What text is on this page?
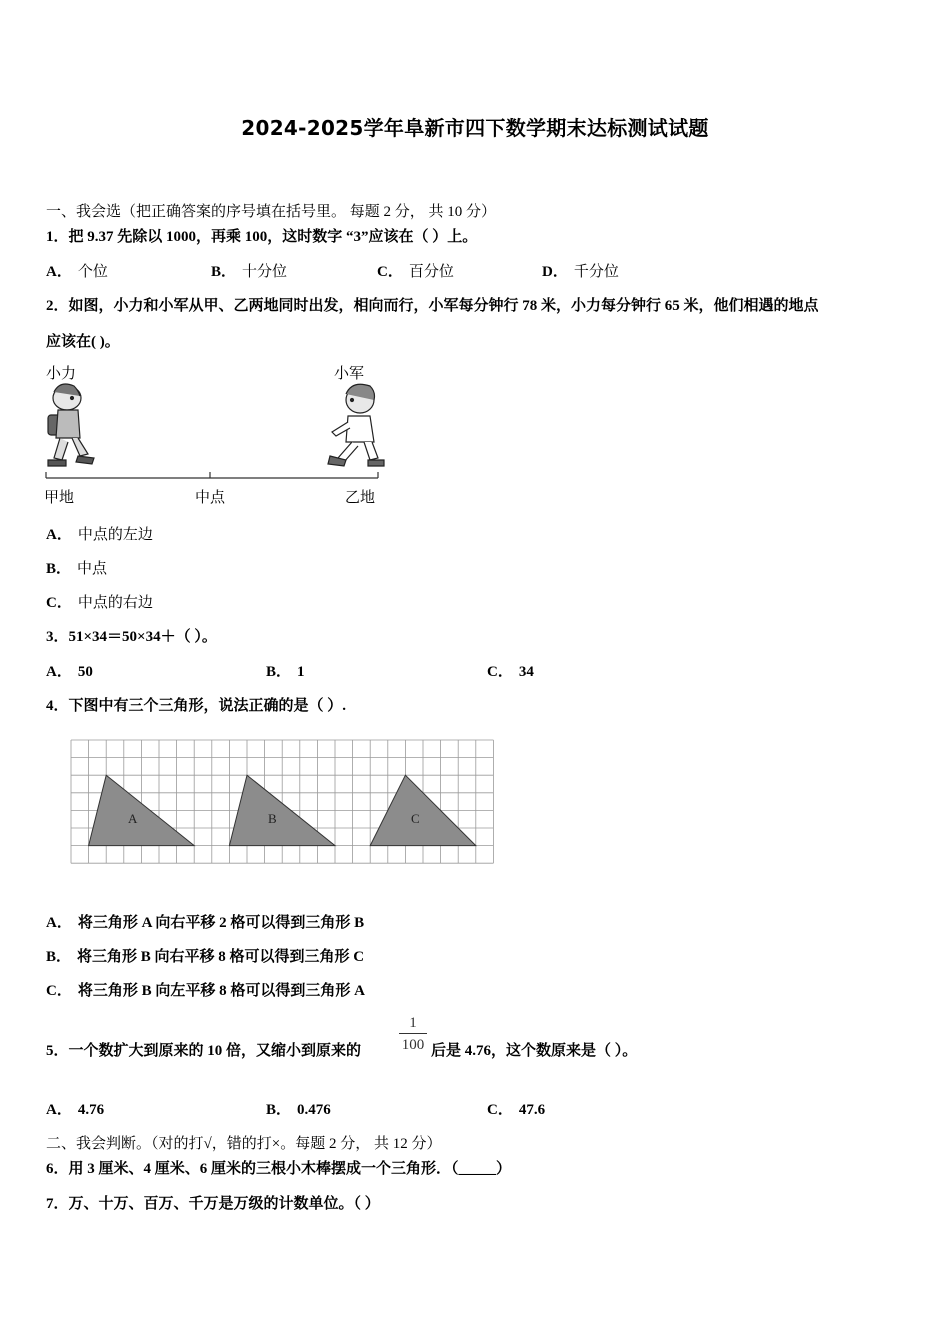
2024-2025学年阜新市四下数学期末达标测试试题
一、我会选（把正确答案的序号填在括号里。 每题 2 分， 共 10 分）
1．把 9.37 先除以 1000，再乘 100，这时数字 “3”应该在（ ）上。
A． 个位	B． 十分位	C． 百分位	D． 千分位
2．如图，小力和小军从甲、乙两地同时出发，相向而行，小军每分钟行 78 米，小力每分钟行 65 米，他们相遇的地点
应该在( )。
小力	小军
甲地	中点	乙地
A． 中点的左边
B． 中点
C． 中点的右边
3．51×34＝50×34＋（ ）。
A． 50	B． 1	C． 34
4．下图中有三个三角形，说法正确的是（ ）.
A	B	C
A． 将三角形 A 向右平移 2 格可以得到三角形 B
B． 将三角形 B 向右平移 8 格可以得到三角形 C
C． 将三角形 B 向左平移 8 格可以得到三角形 A
5．一个数扩大到原来的 10 倍，又缩小到原来的
1
100 后是 4.76，这个数原来是（ ）。
A． 4.76	B． 0.476	C． 47.6
二、我会判断。（对的打√，错的打×。每题 2 分， 共 12 分）
6．用 3 厘米、4 厘米、6 厘米的三根小木棒摆成一个三角形．（_____）
7．万、十万、百万、千万是万级的计数单位。（ ）
